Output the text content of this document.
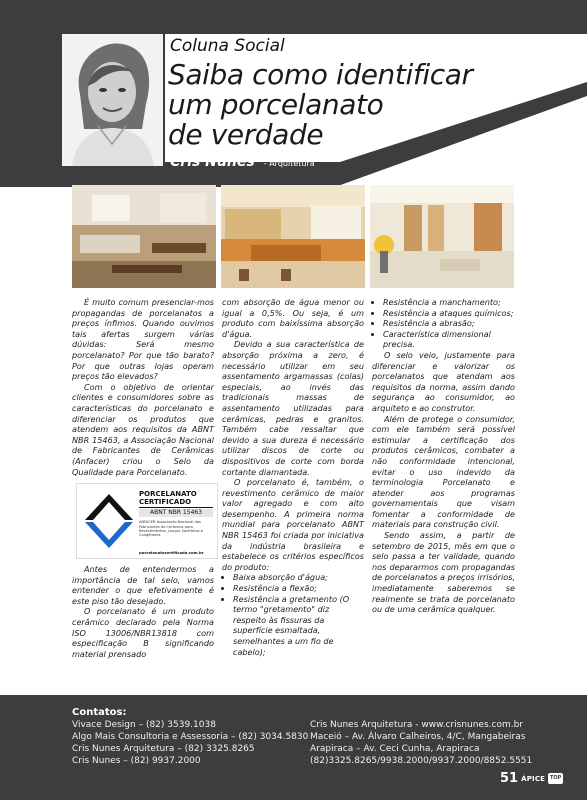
Coluna Social
Saiba como identificar
um porcelanato
de verdade
Cris Nunes - Arquitetura

É muito comum presenciar-mos propagandas de porcelanatos a preços ínfimos. Quando ouvimos tais afertas surgem várias dúvidas: Será mesmo porcelanato? Por que tão barato? Por que outras lojas operam preços tão elevados?

Com o objetivo de orientar clientes e consumidores sobre as características do porcelanato e diferenciar os produtos que atendem aos requisitos da ABNT NBR 15463, a Associação Nacional de Fabricantes de Cerâmicas (Anfacer) criou o Selo da Qualidade para Porcelanato.

PORCELANATO
CERTIFICADO
ABNT NBR 15463
ANFACER Associação Nacional dos Fabricantes de Cerâmica para Revestimentos, Louças Sanitárias e Congêneres
porcelanatocertificado.com.br

Antes de entendermos a importância de tal selo, vamos entender o que efetivamente é este piso tão desejado.

O porcelanato é um produto cerâmico declarado pela Norma ISO 13006/NBR13818 com especificação B significando material prensado

com absorção de água menor ou igual a 0,5%. Ou seja, é um produto com baixíssima absorção d'água.

Devido a sua característica de absorção próxima a zero, é necessário utilizar em seu assentamento argamassas (colas) especiais, ao invés das tradicionais massas de assentamento utilizadas para cerâmicas, pedras e granitos. Também cabe ressaltar que devido a sua dureza é necessário utilizar discos de corte ou dispositivos de corte com borda cortante diamantada.

O porcelanato é, também, o revestimento cerâmico de maior valor agregado e com alto desempenho. A primeira norma mundial para porcelanato ABNT NBR 15463 foi criada por iniciativa da indústria brasileira e estabelece os critérios específicos do produto:

• Baixa absorção d'água;
• Resistência a flexão;
• Resistência a gretamento (O termo "gretamento" diz respeito às fissuras da superfície esmaltada, semelhantes a um fio de cabelo);
• Resistência a manchamento;
• Resistência a ataques químicos;
• Resistência a abrasão;
• Característica dimensional precisa.

O selo veio, justamente para diferenciar e valorizar os porcelanatos que atendam aos requisitos da norma, assim dando segurança ao consumidor, ao arquiteto e ao construtor.

Além de protege o consumidor, com ele também será possível estimular a certificação dos produtos cerâmicos, combater a não conformidade intencional, evitar o uso indevido da terminologia Porcelanato e atender aos programas governamentais que visam fomentar a conformidade de materiais para construção civil.

Sendo assim, a partir de setembro de 2015, mês em que o selo passa a ter validade, quando nos depararmos com propagandas de porcelanatos a preços irrisórios, imediatamente saberemos se realmente se trata de porcelanato ou de uma cerâmica qualquer.

Contatos:
Vivace Design – (82) 3539.1038
Algo Mais Consultoria e Assessoria – (82) 3034.5830
Cris Nunes Arquitetura – (82) 3325.8265
Cris Nunes – (82) 9937.2000
Cris Nunes Arquitetura - www.crisnunes.com.br
Maceió – Av. Álvaro Calheiros, 4/C, Mangabeiras
Arapiraca – Av. Ceci Cunha, Arapiraca
(82)3325.8265/9938.2000/9937.2000/8852.5551
51 ÁPICE TOP
